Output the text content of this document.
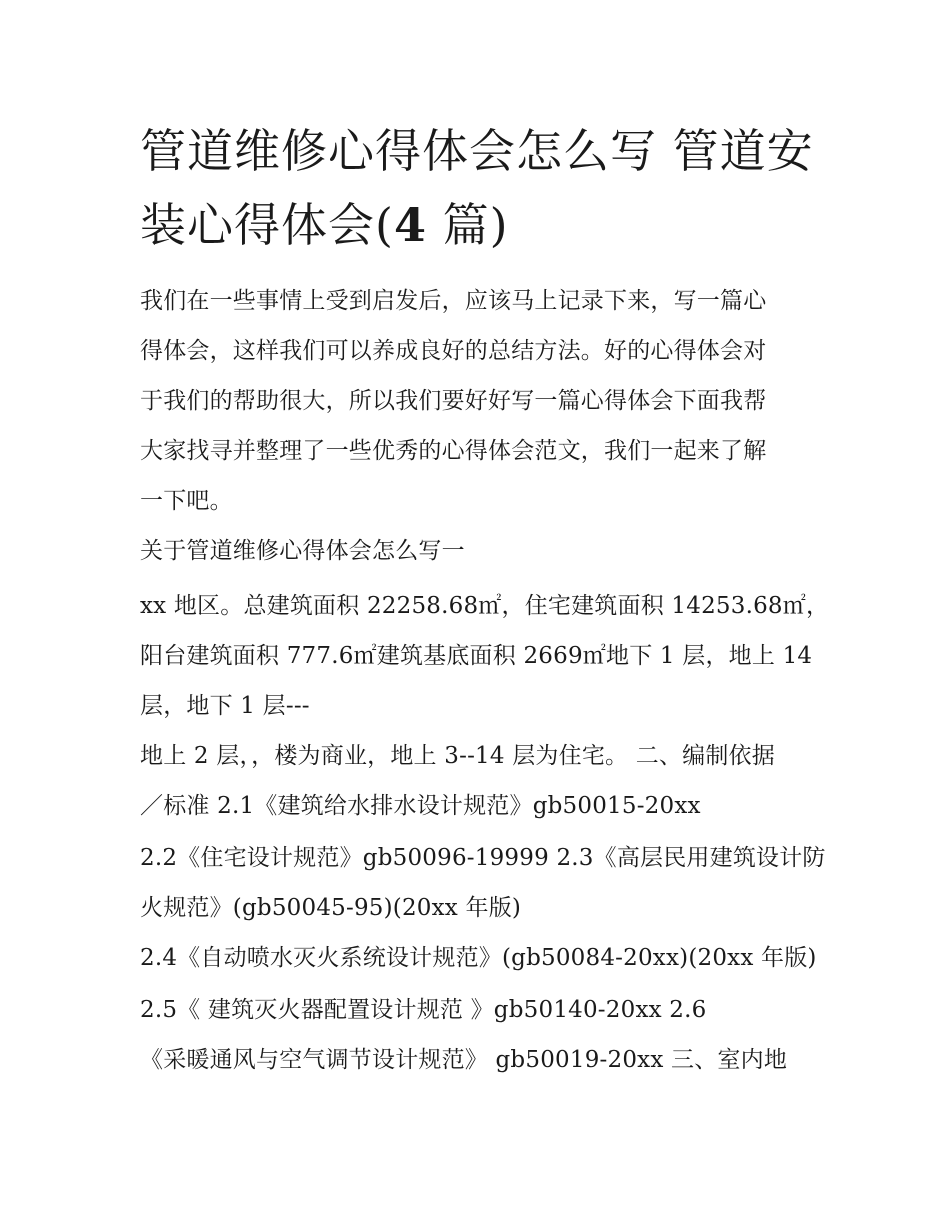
管道维修心得体会怎么写 管道安装心得体会(4 篇)

我们在一些事情上受到启发后，应该马上记录下来，写一篇心

得体会，这样我们可以养成良好的总结方法。好的心得体会对

于我们的帮助很大，所以我们要好好写一篇心得体会下面我帮

大家找寻并整理了一些优秀的心得体会范文，我们一起来了解

一下吧。

关于管道维修心得体会怎么写一

xx 地区。总建筑面积 22258.68㎡，住宅建筑面积 14253.68㎡，

阳台建筑面积 777.6㎡建筑基底面积 2669㎡地下 1 层，地上 14

层，地下 1 层---

地上 2 层，，楼为商业，地上 3--14 层为住宅。 二、编制依据

／标准 2.1《建筑给水排水设计规范》gb50015-20xx

2.2《住宅设计规范》gb50096-19999 2.3《高层民用建筑设计防

火规范》(gb50045-95)(20xx 年版)

2.4《自动喷水灭火系统设计规范》(gb50084-20xx)(20xx 年版)

2.5《 建筑灭火器配置设计规范 》gb50140-20xx 2.6

《采暖通风与空气调节设计规范》 gb50019-20xx 三、室内地
